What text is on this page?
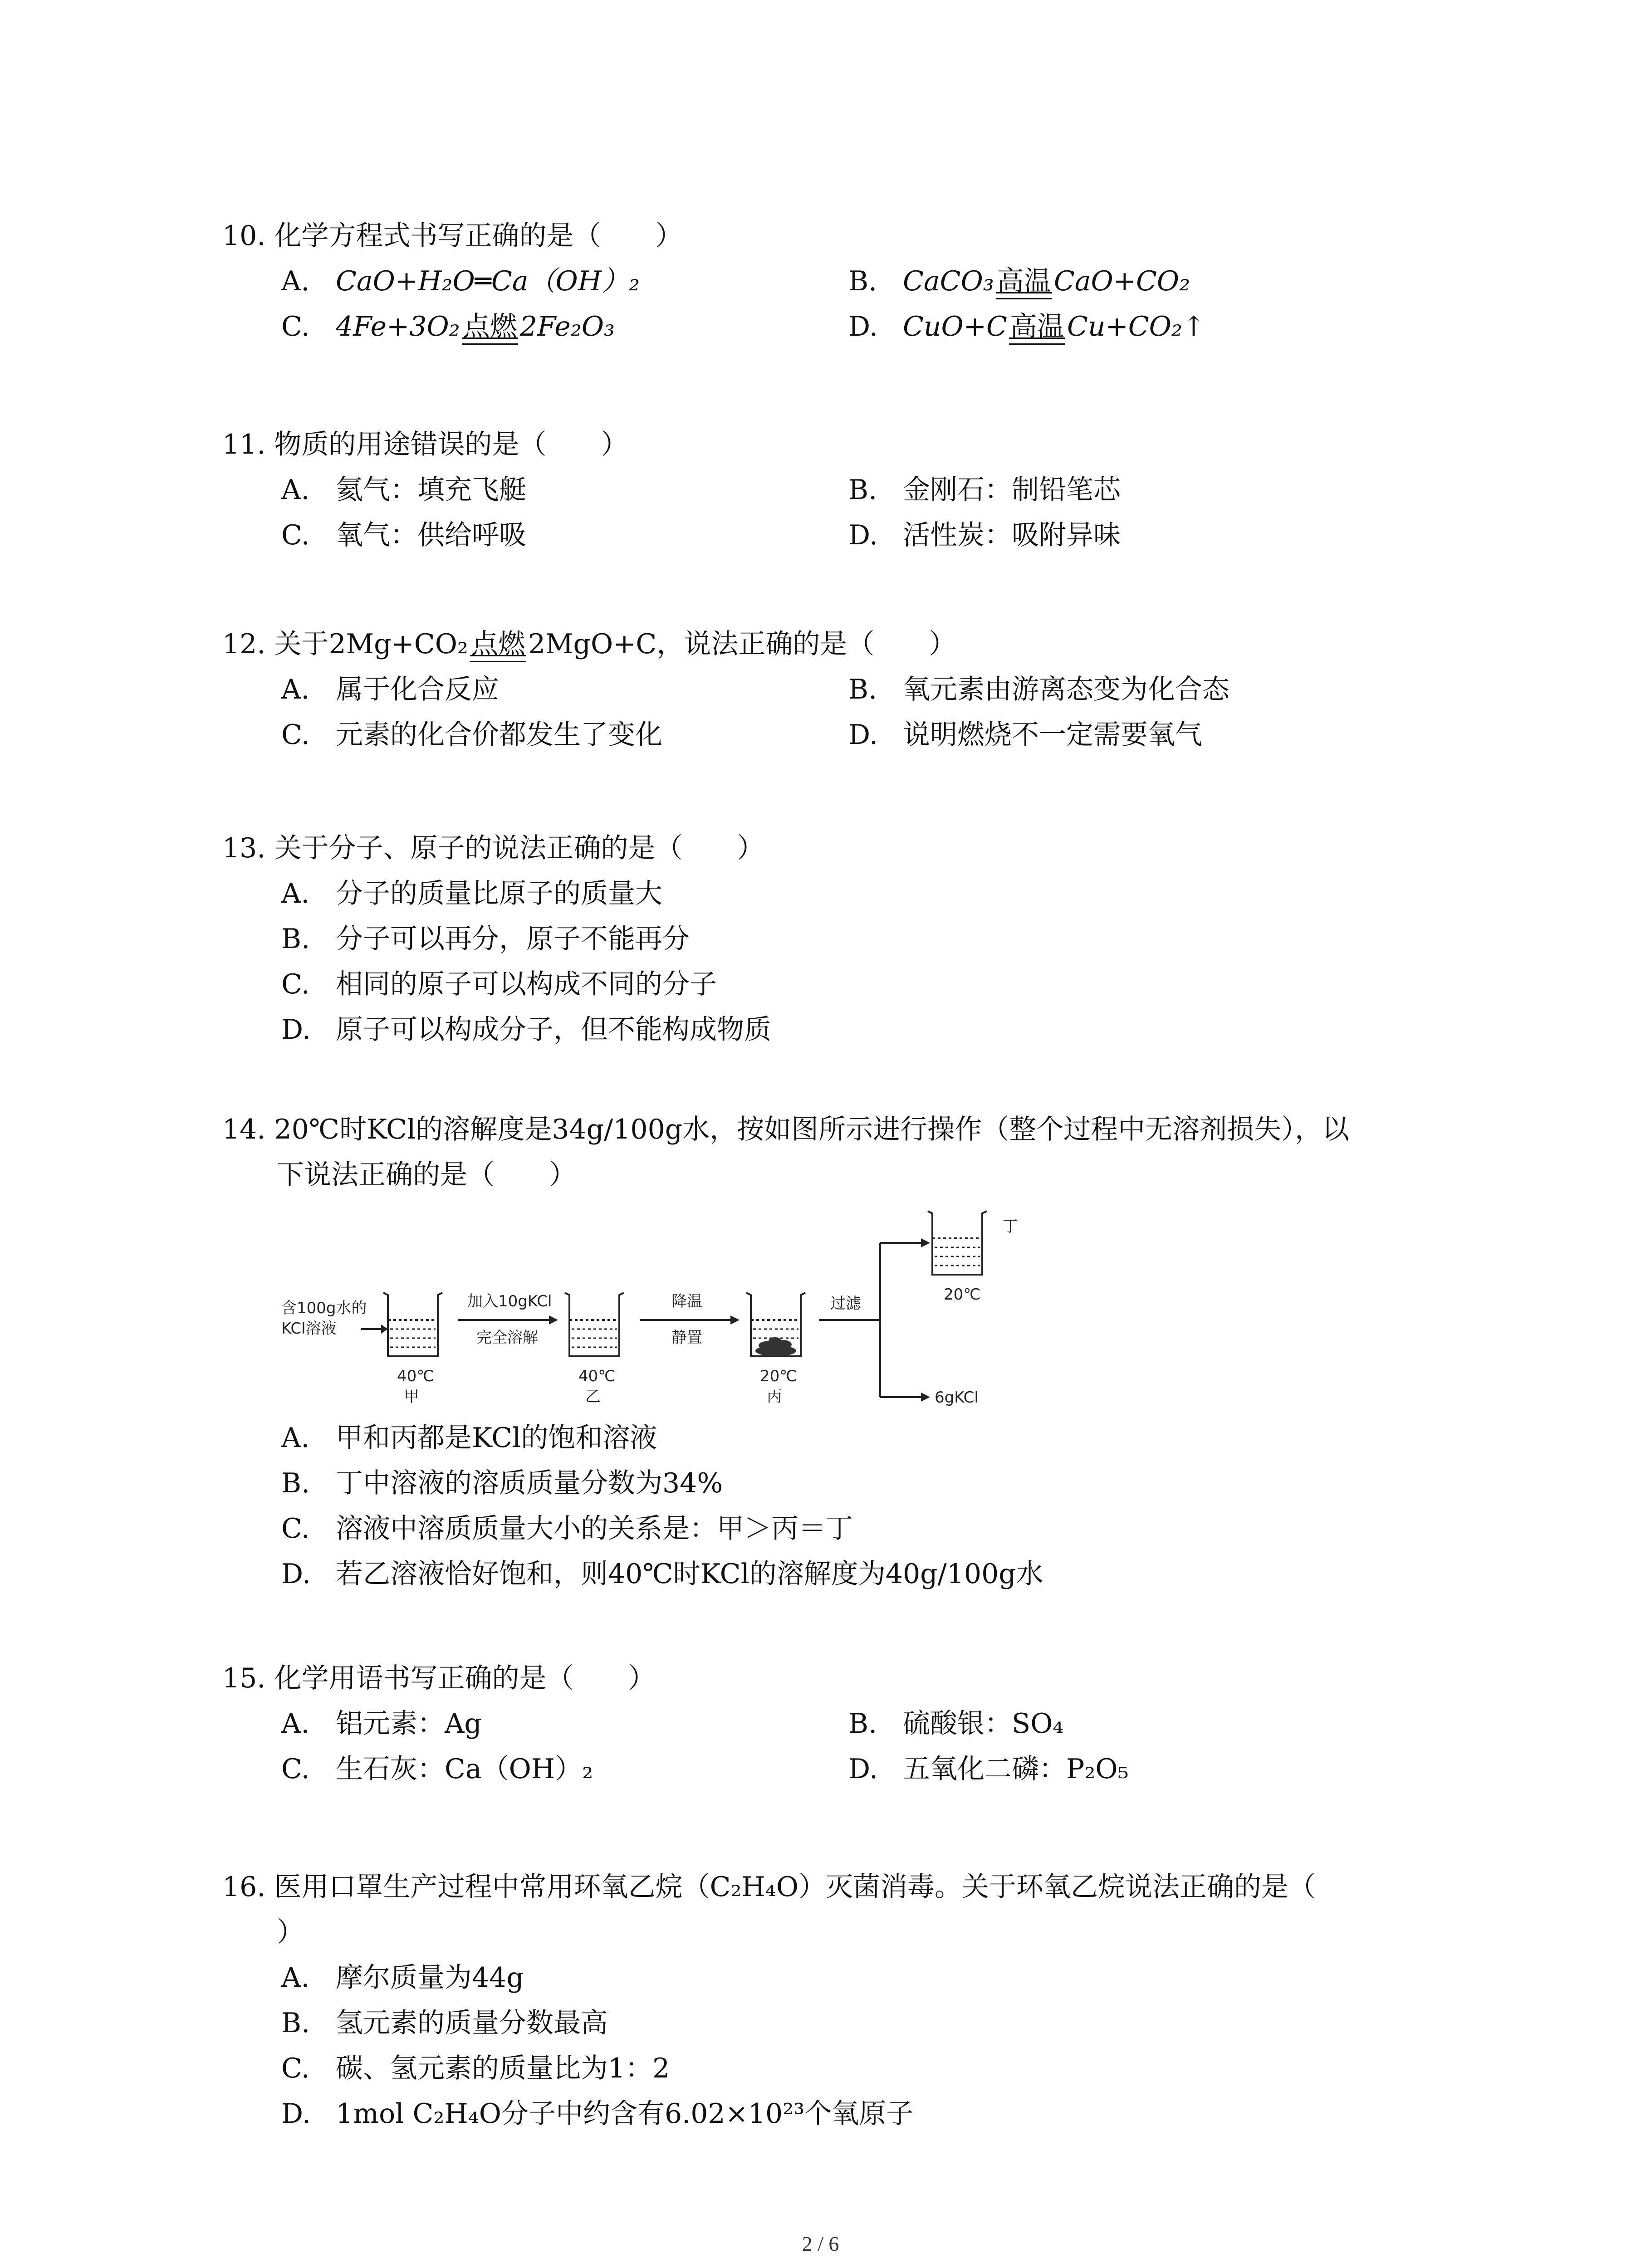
10. 化学方程式书写正确的是（　　）
A. CaO+H₂O═Ca（OH）₂	B. CaCO₃ 高温 CaO+CO₂
C. 4Fe+3O₂ 点燃 2Fe₂O₃	D. CuO+C 高温 Cu+CO₂↑
11. 物质的用途错误的是（　　）
A. 氦气：填充飞艇	B. 金刚石：制铅笔芯
C. 氧气：供给呼吸	D. 活性炭：吸附异味
12. 关于2Mg+CO₂ 点燃 2MgO+C，说法正确的是（　　）
A. 属于化合反应	B. 氧元素由游离态变为化合态
C. 元素的化合价都发生了变化	D. 说明燃烧不一定需要氧气
13. 关于分子、原子的说法正确的是（　　）
A. 分子的质量比原子的质量大
B. 分子可以再分，原子不能再分
C. 相同的原子可以构成不同的分子
D. 原子可以构成分子，但不能构成物质
14. 20℃时KCl的溶解度是34g/100g水，按如图所示进行操作（整个过程中无溶剂损失），以
下说法正确的是（　　）
含100g水的
KCl溶液
加入10gKCl
完全溶解
降温
静置
过滤
40℃
甲
40℃
乙
20℃
丙
20℃
丁
6gKCl
A. 甲和丙都是KCl的饱和溶液
B. 丁中溶液的溶质质量分数为34%
C. 溶液中溶质质量大小的关系是：甲＞丙＝丁
D. 若乙溶液恰好饱和，则40℃时KCl的溶解度为40g/100g水
15. 化学用语书写正确的是（　　）
A. 铝元素：Ag	B. 硫酸银：SO₄
C. 生石灰：Ca（OH）₂	D. 五氧化二磷：P₂O₅
16. 医用口罩生产过程中常用环氧乙烷（C₂H₄O）灭菌消毒。关于环氧乙烷说法正确的是（
）
A. 摩尔质量为44g
B. 氢元素的质量分数最高
C. 碳、氢元素的质量比为1：2
D. 1mol C₂H₄O分子中约含有6.02×10²³个氧原子
2 / 6
